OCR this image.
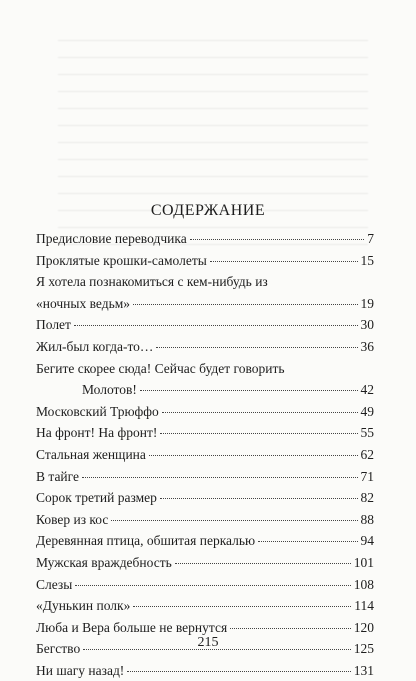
СОДЕРЖАНИЕ
Предисловие переводчика	7
Проклятые крошки-самолеты	15
Я хотела познакомиться с кем-нибудь из
«ночных ведьм»	19
Полет	30
Жил-был когда-то…	36
Бегите скорее сюда! Сейчас будет говорить
Молотов!	42
Московский Трюффо	49
На фронт! На фронт!	55
Стальная женщина	62
В тайге	71
Сорок третий размер	82
Ковер из кос	88
Деревянная птица, обшитая перкалью	94
Мужская враждебность	101
Слезы	108
«Дунькин полк»	114
Люба и Вера больше не вернутся	120
Бегство	125
Ни шагу назад!	131
215
